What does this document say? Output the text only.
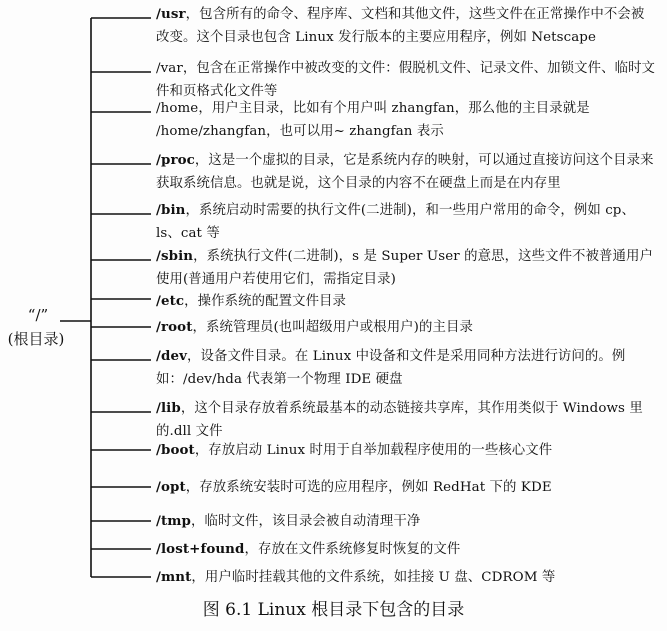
“/”
(根目录)
/usr，包含所有的命令、程序库、文档和其他文件，这些文件在正常操作中不会被改变。这个目录也包含 Linux 发行版本的主要应用程序，例如 Netscape
/var，包含在正常操作中被改变的文件：假脱机文件、记录文件、加锁文件、临时文件和页格式化文件等
/home，用户主目录，比如有个用户叫 zhangfan，那么他的主目录就是 /home/zhangfan，也可以用~ zhangfan 表示
/proc，这是一个虚拟的目录，它是系统内存的映射，可以通过直接访问这个目录来获取系统信息。也就是说，这个目录的内容不在硬盘上而是在内存里
/bin，系统启动时需要的执行文件(二进制)，和一些用户常用的命令，例如 cp、ls、cat 等
/sbin，系统执行文件(二进制)，s 是 Super User 的意思，这些文件不被普通用户使用(普通用户若使用它们，需指定目录)
/etc，操作系统的配置文件目录
/root，系统管理员(也叫超级用户或根用户)的主目录
/dev，设备文件目录。在 Linux 中设备和文件是采用同种方法进行访问的。例如：/dev/hda 代表第一个物理 IDE 硬盘
/lib，这个目录存放着系统最基本的动态链接共享库，其作用类似于 Windows 里的.dll 文件
/boot，存放启动 Linux 时用于自举加载程序使用的一些核心文件
/opt，存放系统安装时可选的应用程序，例如 RedHat 下的 KDE
/tmp，临时文件，该目录会被自动清理干净
/lost+found，存放在文件系统修复时恢复的文件
/mnt，用户临时挂载其他的文件系统，如挂接 U 盘、CDROM 等
图 6.1 Linux 根目录下包含的目录
